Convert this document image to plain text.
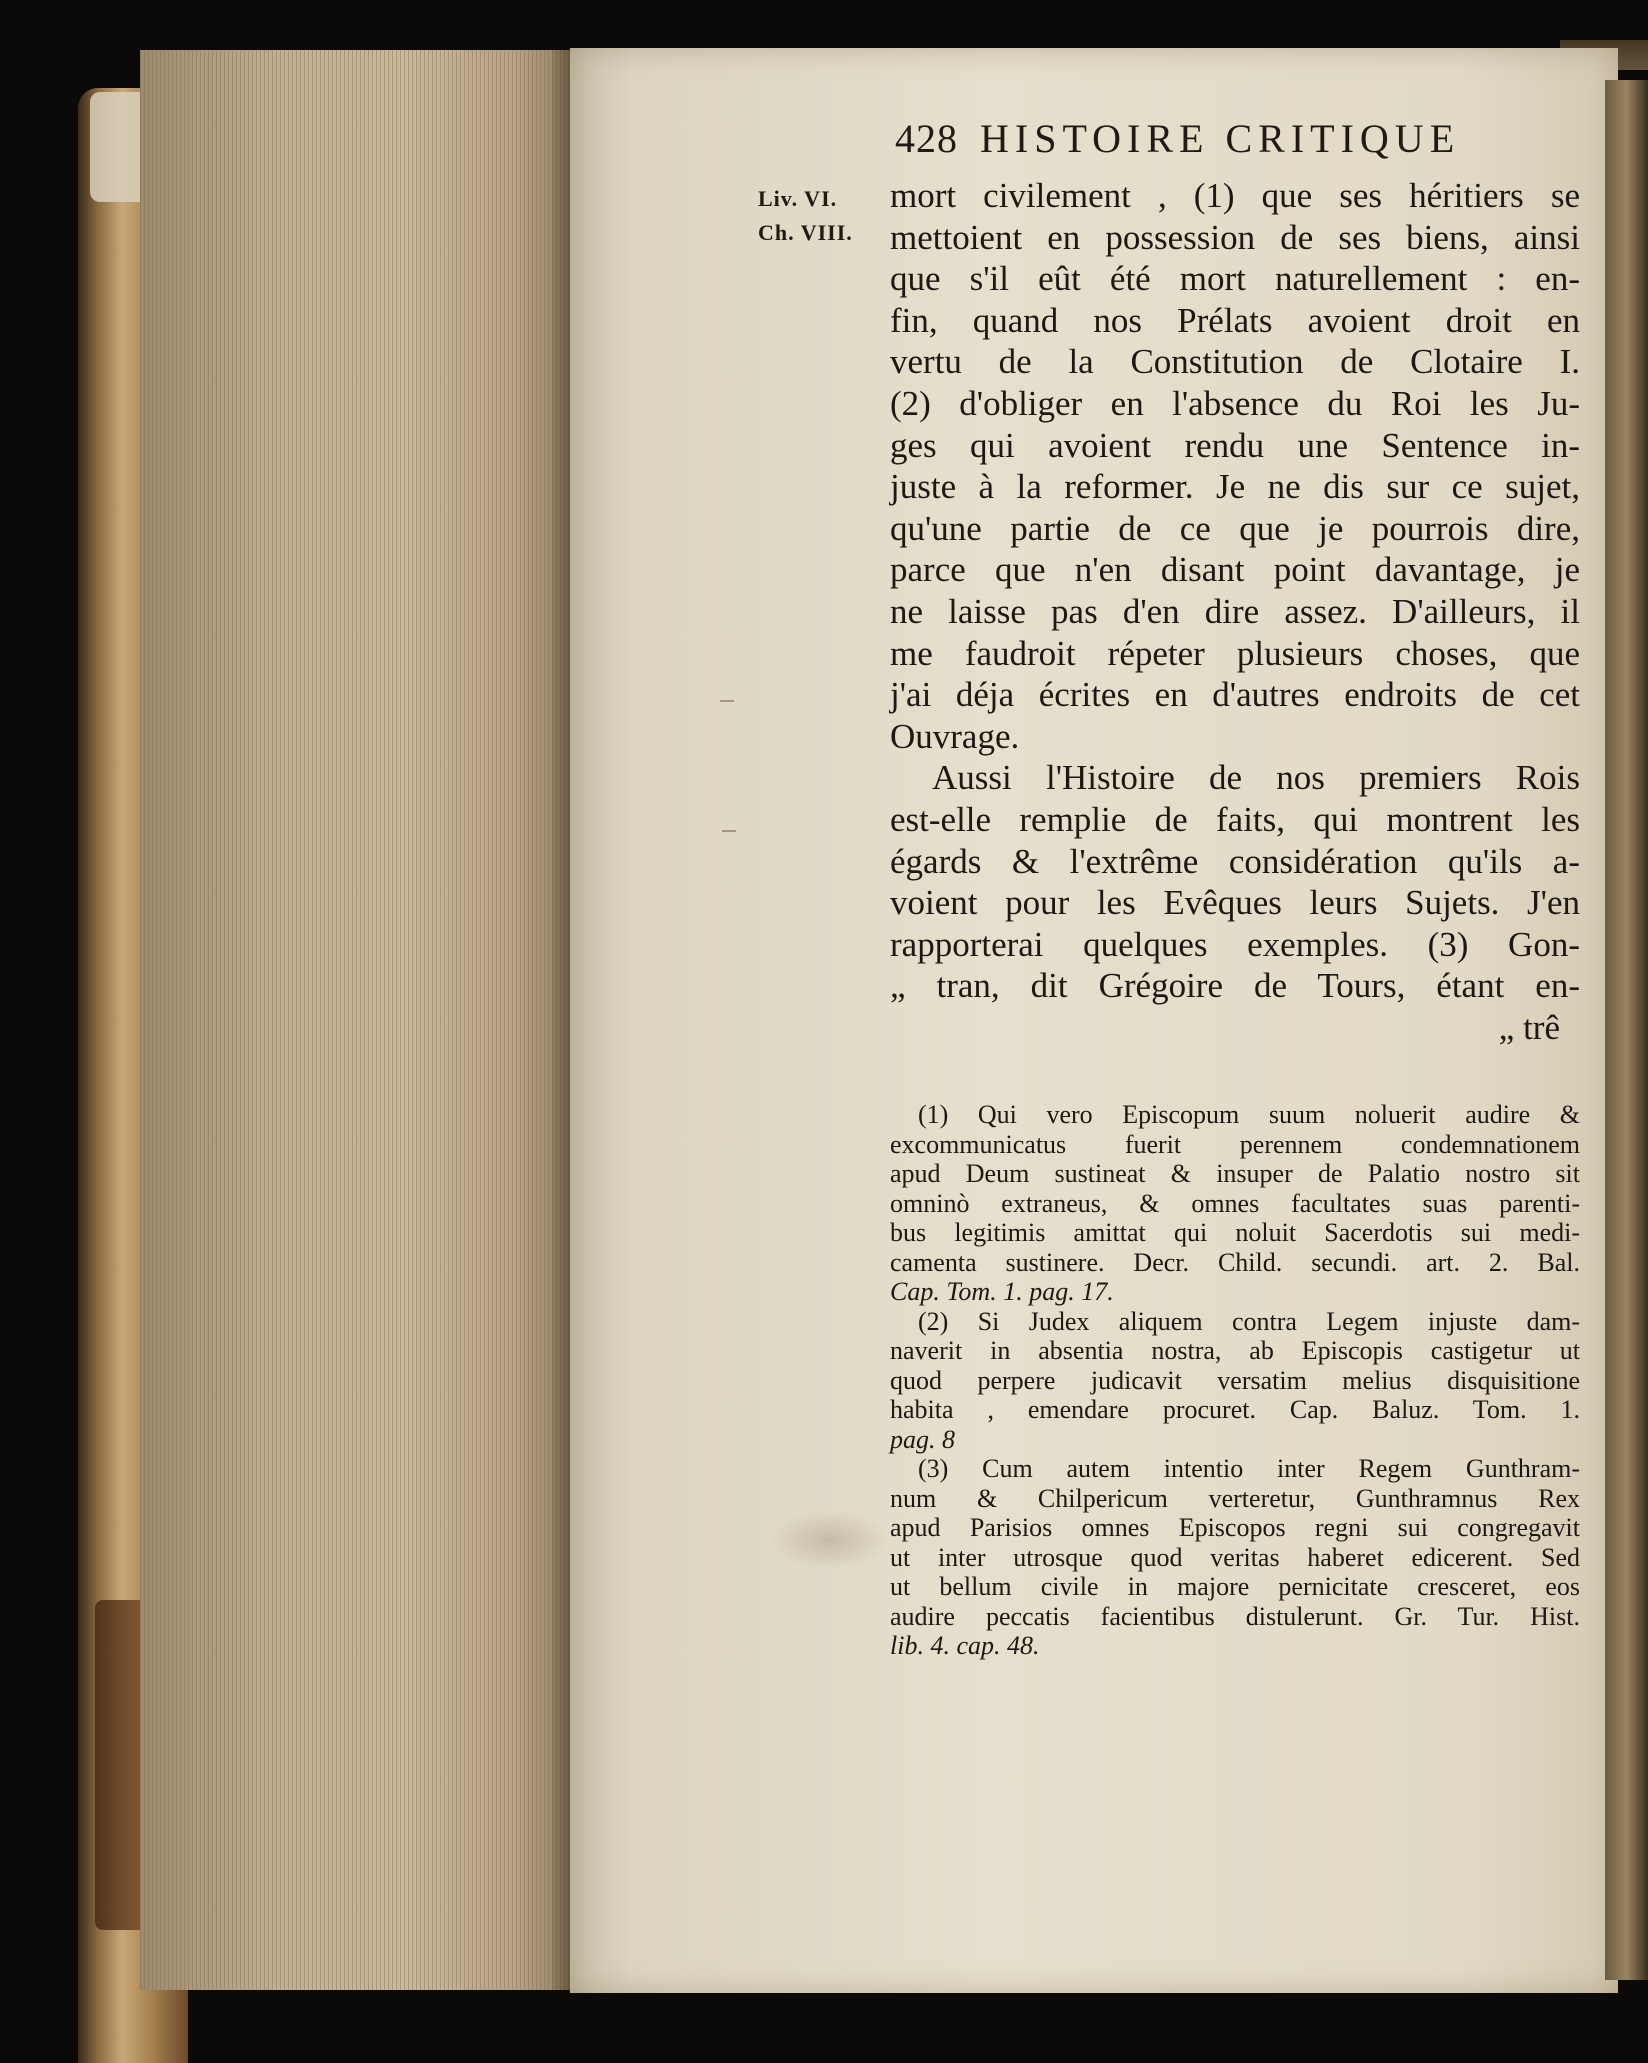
428 HISTOIRE CRITIQUE
Liv. VI.
Ch. VIII.
mort civilement , (1) que ses héritiers se
mettoient en possession de ses biens, ainsi
que s'il eût été mort naturellement : en-
fin, quand nos Prélats avoient droit en
vertu de la Constitution de Clotaire I.
(2) d'obliger en l'absence du Roi les Ju-
ges qui avoient rendu une Sentence in-
juste à la reformer. Je ne dis sur ce sujet,
qu'une partie de ce que je pourrois dire,
parce que n'en disant point davantage, je
ne laisse pas d'en dire assez. D'ailleurs, il
me faudroit répeter plusieurs choses, que
j'ai déja écrites en d'autres endroits de cet
Ouvrage.
Aussi l'Histoire de nos premiers Rois
est-elle remplie de faits, qui montrent les
égards & l'extrême considération qu'ils a-
voient pour les Evêques leurs Sujets. J'en
rapporterai quelques exemples. (3) Gon-
„ tran, dit Grégoire de Tours, étant en-
„ trê
(1) Qui vero Episcopum suum noluerit audire &
excommunicatus fuerit perennem condemnationem
apud Deum sustineat & insuper de Palatio nostro sit
omninò extraneus, & omnes facultates suas parenti-
bus legitimis amittat qui noluit Sacerdotis sui medi-
camenta sustinere. Decr. Child. secundi. art. 2. Bal.
Cap. Tom. 1. pag. 17.
(2) Si Judex aliquem contra Legem injuste dam-
naverit in absentia nostra, ab Episcopis castigetur ut
quod perpere judicavit versatim melius disquisitione
habita , emendare procuret. Cap. Baluz. Tom. 1.
pag. 8
(3) Cum autem intentio inter Regem Gunthram-
num & Chilpericum verteretur, Gunthramnus Rex
apud Parisios omnes Episcopos regni sui congregavit
ut inter utrosque quod veritas haberet edicerent. Sed
ut bellum civile in majore pernicitate cresceret, eos
audire peccatis facientibus distulerunt. Gr. Tur. Hist.
lib. 4. cap. 48.
